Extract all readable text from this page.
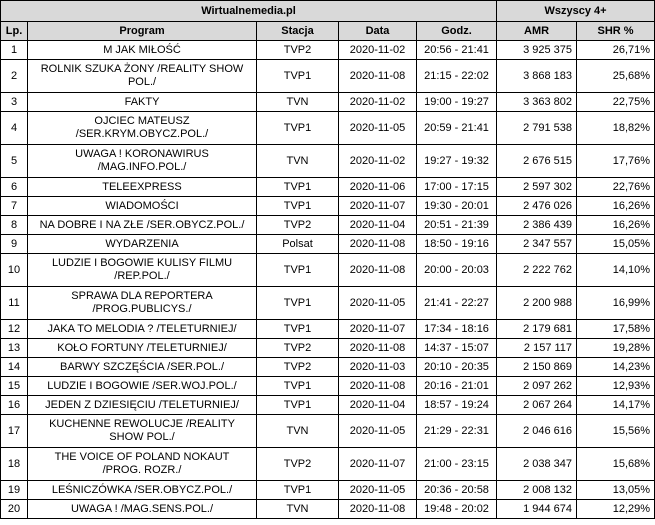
Wirtualnemedia.pl					Wszyscy 4+	
Lp.	Program	Stacja	Data	Godz.	AMR	SHR %
1	M JAK MIŁOŚĆ	TVP2	2020-11-02	20:56 - 21:41	3 925 375	26,71%
2	ROLNIK SZUKA ŻONY /REALITY SHOW
POL./	TVP1	2020-11-08	21:15 - 22:02	3 868 183	25,68%
3	FAKTY	TVN	2020-11-02	19:00 - 19:27	3 363 802	22,75%
4	OJCIEC MATEUSZ
/SER.KRYM.OBYCZ.POL./	TVP1	2020-11-05	20:59 - 21:41	2 791 538	18,82%
5	UWAGA ! KORONAWIRUS
/MAG.INFO.POL./	TVN	2020-11-02	19:27 - 19:32	2 676 515	17,76%
6	TELEEXPRESS	TVP1	2020-11-06	17:00 - 17:15	2 597 302	22,76%
7	WIADOMOŚCI	TVP1	2020-11-07	19:30 - 20:01	2 476 026	16,26%
8	NA DOBRE I NA ZŁE /SER.OBYCZ.POL./	TVP2	2020-11-04	20:51 - 21:39	2 386 439	16,26%
9	WYDARZENIA	Polsat	2020-11-08	18:50 - 19:16	2 347 557	15,05%
10	LUDZIE I BOGOWIE KULISY FILMU
/REP.POL./	TVP1	2020-11-08	20:00 - 20:03	2 222 762	14,10%
11	SPRAWA DLA REPORTERA
/PROG.PUBLICYS./	TVP1	2020-11-05	21:41 - 22:27	2 200 988	16,99%
12	JAKA TO MELODIA ? /TELETURNIEJ/	TVP1	2020-11-07	17:34 - 18:16	2 179 681	17,58%
13	KOŁO FORTUNY /TELETURNIEJ/	TVP2	2020-11-08	14:37 - 15:07	2 157 117	19,28%
14	BARWY SZCZĘŚCIA /SER.POL./	TVP2	2020-11-03	20:10 - 20:35	2 150 869	14,23%
15	LUDZIE I BOGOWIE /SER.WOJ.POL./	TVP1	2020-11-08	20:16 - 21:01	2 097 262	12,93%
16	JEDEN Z DZIESIĘCIU /TELETURNIEJ/	TVP1	2020-11-04	18:57 - 19:24	2 067 264	14,17%
17	KUCHENNE REWOLUCJE /REALITY
SHOW POL./	TVN	2020-11-05	21:29 - 22:31	2 046 616	15,56%
18	THE VOICE OF POLAND NOKAUT
/PROG. ROZR./	TVP2	2020-11-07	21:00 - 23:15	2 038 347	15,68%
19	LEŚNICZÓWKA /SER.OBYCZ.POL./	TVP1	2020-11-05	20:36 - 20:58	2 008 132	13,05%
20	UWAGA ! /MAG.SENS.POL./	TVN	2020-11-08	19:48 - 20:02	1 944 674	12,29%
